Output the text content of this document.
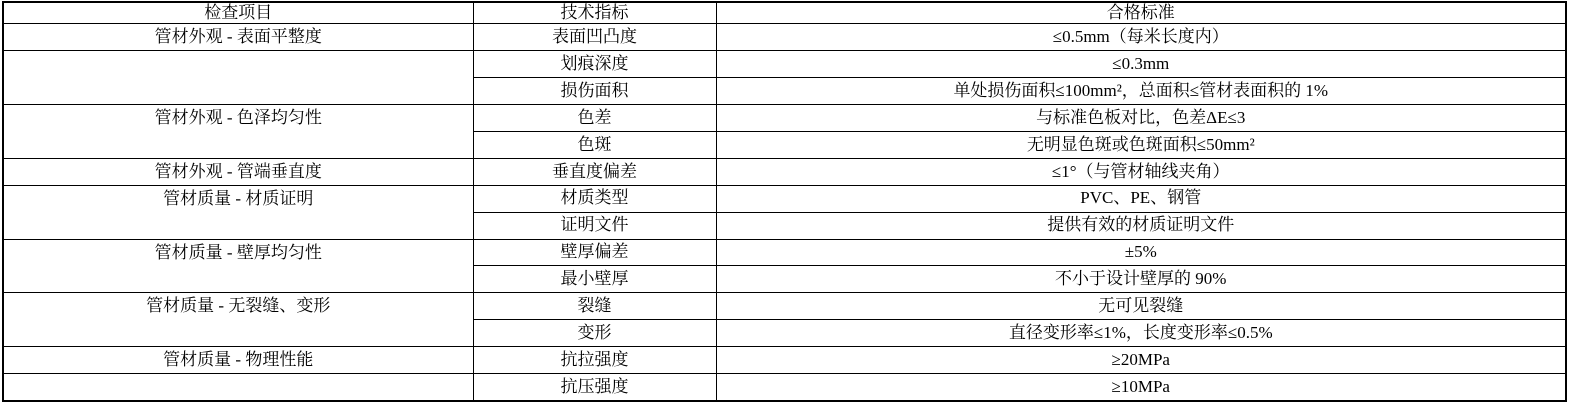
检查项目	技术指标	合格标准
管材外观 - 表面平整度	表面凹凸度	≤0.5mm（每米长度内）
	划痕深度	≤0.3mm
	损伤面积	单处损伤面积≤100mm²，总面积≤管材表面积的 1%
管材外观 - 色泽均匀性	色差	与标准色板对比，色差ΔE≤3
	色斑	无明显色斑或色斑面积≤50mm²
管材外观 - 管端垂直度	垂直度偏差	≤1°（与管材轴线夹角）
管材质量 - 材质证明	材质类型	PVC、PE、钢管
	证明文件	提供有效的材质证明文件
管材质量 - 壁厚均匀性	壁厚偏差	±5%
	最小壁厚	不小于设计壁厚的 90%
管材质量 - 无裂缝、变形	裂缝	无可见裂缝
	变形	直径变形率≤1%，长度变形率≤0.5%
管材质量 - 物理性能	抗拉强度	≥20MPa
	抗压强度	≥10MPa
